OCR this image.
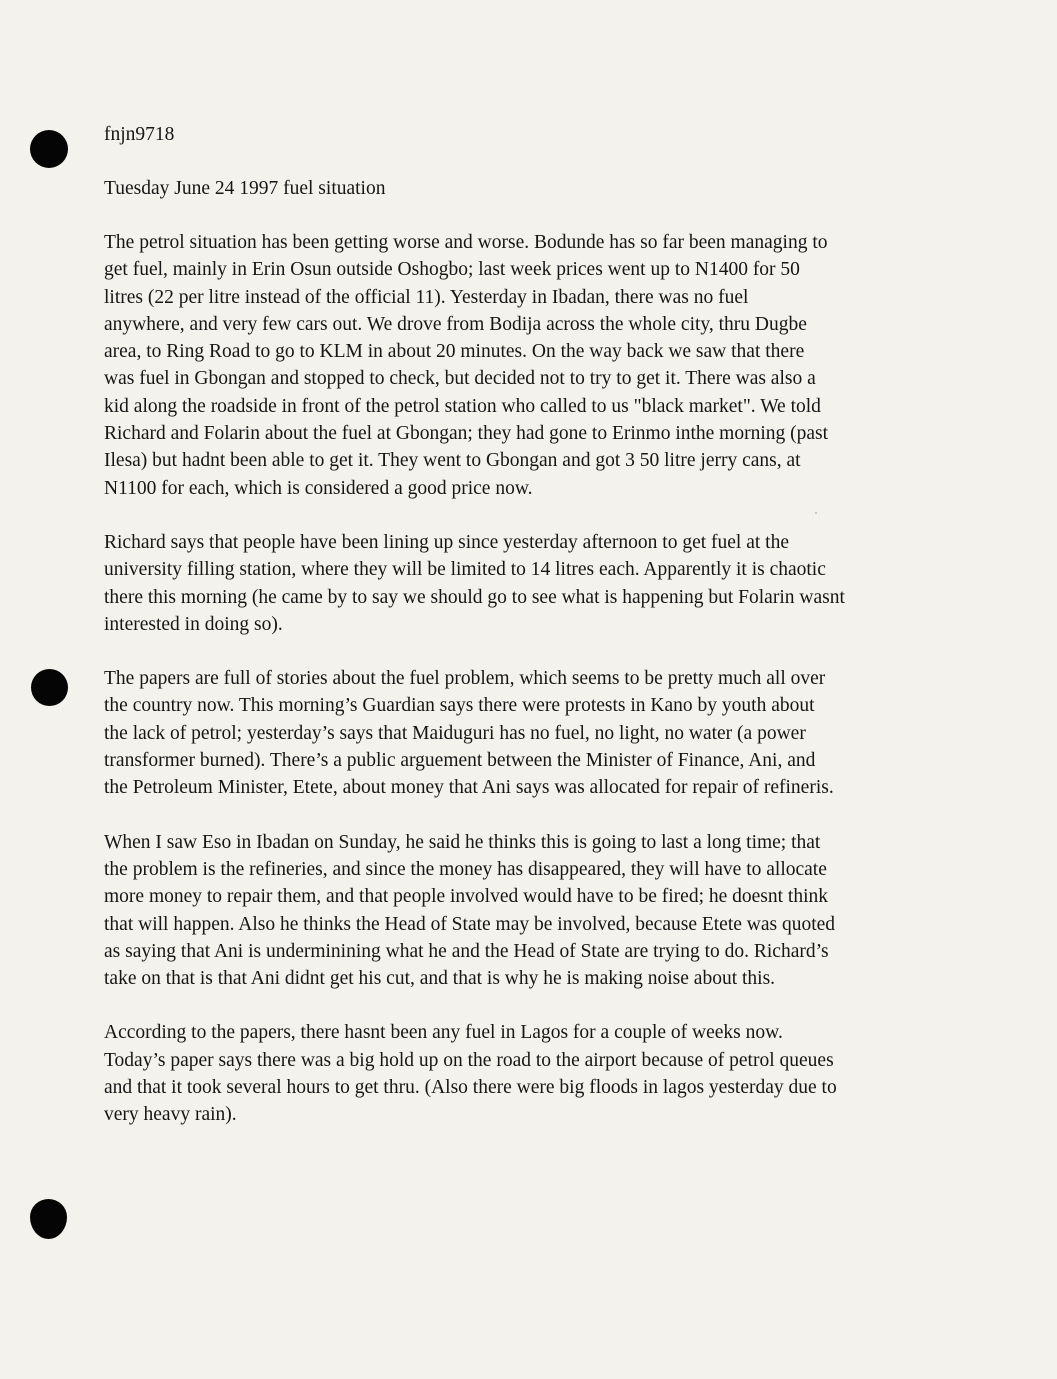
fnjn9718

Tuesday June 24 1997 fuel situation

The petrol situation has been getting worse and worse. Bodunde has so far been managing to
get fuel, mainly in Erin Osun outside Oshogbo; last week prices went up to N1400 for 50
litres (22 per litre instead of the official 11). Yesterday in Ibadan, there was no fuel
anywhere, and very few cars out. We drove from Bodija across the whole city, thru Dugbe
area, to Ring Road to go to KLM in about 20 minutes. On the way back we saw that there
was fuel in Gbongan and stopped to check, but decided not to try to get it. There was also a
kid along the roadside in front of the petrol station who called to us "black market". We told
Richard and Folarin about the fuel at Gbongan; they had gone to Erinmo inthe morning (past
Ilesa) but hadnt been able to get it. They went to Gbongan and got 3 50 litre jerry cans, at
N1100 for each, which is considered a good price now.

Richard says that people have been lining up since yesterday afternoon to get fuel at the
university filling station, where they will be limited to 14 litres each. Apparently it is chaotic
there this morning (he came by to say we should go to see what is happening but Folarin wasnt
interested in doing so).

The papers are full of stories about the fuel problem, which seems to be pretty much all over
the country now. This morning’s Guardian says there were protests in Kano by youth about
the lack of petrol; yesterday’s says that Maiduguri has no fuel, no light, no water (a power
transformer burned). There’s a public arguement between the Minister of Finance, Ani, and
the Petroleum Minister, Etete, about money that Ani says was allocated for repair of refineris.

When I saw Eso in Ibadan on Sunday, he said he thinks this is going to last a long time; that
the problem is the refineries, and since the money has disappeared, they will have to allocate
more money to repair them, and that people involved would have to be fired; he doesnt think
that will happen. Also he thinks the Head of State may be involved, because Etete was quoted
as saying that Ani is underminining what he and the Head of State are trying to do. Richard’s
take on that is that Ani didnt get his cut, and that is why he is making noise about this.

According to the papers, there hasnt been any fuel in Lagos for a couple of weeks now.
Today’s paper says there was a big hold up on the road to the airport because of petrol queues
and that it took several hours to get thru. (Also there were big floods in lagos yesterday due to
very heavy rain).
